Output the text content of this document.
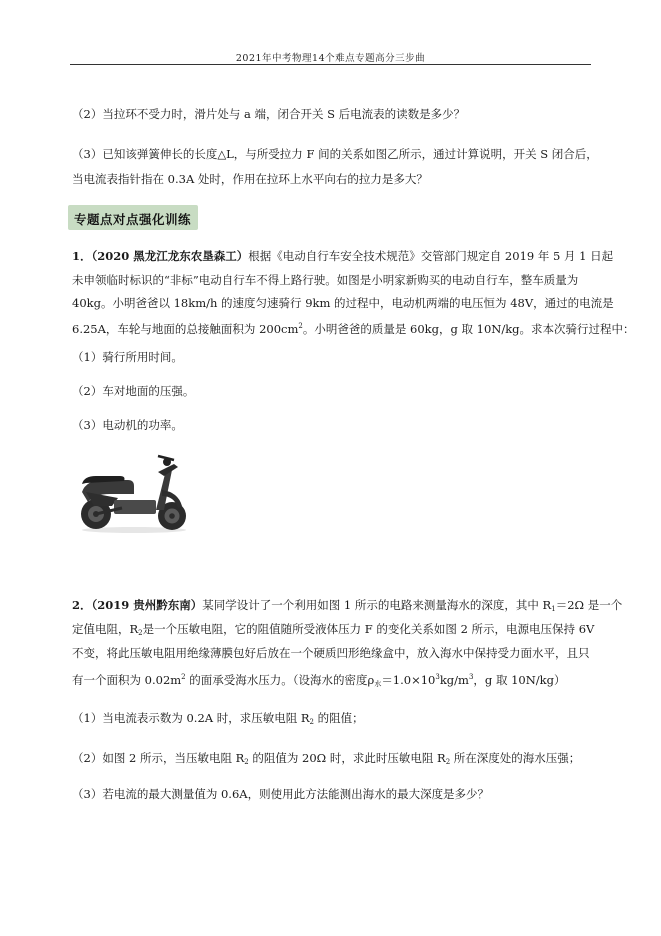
2021年中考物理14个难点专题高分三步曲
（2）当拉环不受力时，滑片处与 a 端，闭合开关 S 后电流表的读数是多少？
（3）已知该弹簧伸长的长度△L，与所受拉力 F 间的关系如图乙所示，通过计算说明，开关 S 闭合后，
当电流表指针指在 0.3A 处时，作用在拉环上水平向右的拉力是多大？
专题点对点强化训练
1．（2020 黑龙江龙东农垦森工）根据《电动自行车安全技术规范》交管部门规定自 2019 年 5 月 1 日起
未申领临时标识的“非标”电动自行车不得上路行驶。如图是小明家新购买的电动自行车，整车质量为
40kg。小明爸爸以 18km/h 的速度匀速骑行 9km 的过程中，电动机两端的电压恒为 48V，通过的电流是
6.25A，车轮与地面的总接触面积为 $200cm^2$。小明爸爸的质量是 60kg，g 取 10N/kg。求本次骑行过程中：
（1）骑行所用时间。
（2）车对地面的压强。
（3）电动机的功率。
2．（2019 贵州黔东南）某同学设计了一个利用如图 1 所示的电路来测量海水的深度，其中 $R_1=2\Omega$ 是一个
定值电阻，$R_2$是一个压敏电阻，它的阻值随所受液体压力 F 的变化关系如图 2 所示，电源电压保持 6V
不变，将此压敏电阻用绝缘薄膜包好后放在一个硬质凹形绝缘盒中，放入海水中保持受力面水平，且只
有一个面积为 $0.02m^2$ 的面承受海水压力。（设海水的密度$\rho_水=1.0\times 10^3kg/m^3$，g 取 10N/kg）
（1）当电流表示数为 0.2A 时，求压敏电阻 $R_2$ 的阻值；
（2）如图 2 所示，当压敏电阻 $R_2$ 的阻值为 20Ω 时，求此时压敏电阻 $R_2$ 所在深度处的海水压强；
（3）若电流的最大测量值为 0.6A，则使用此方法能测出海水的最大深度是多少？
